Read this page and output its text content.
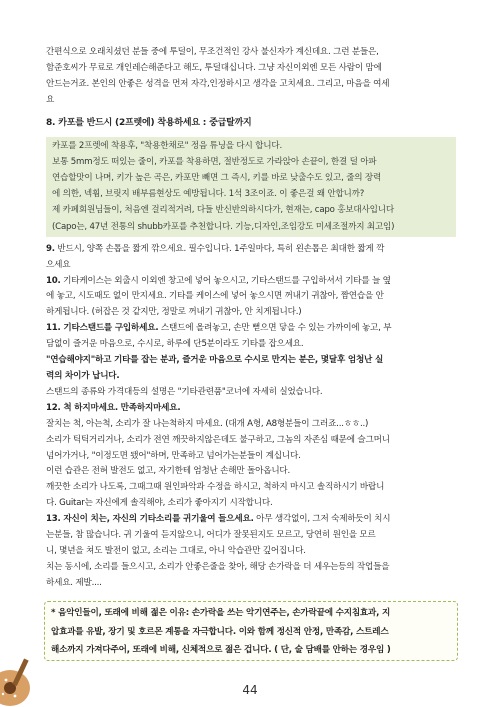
간편식으로 오래치셨던 분들 중에 투덜이, 무조건적인 강사 불신자가 계신데요. 그런 분들은,

함준호씨가 무료로 개인레슨해준다고 해도, 투덜대십니다. 그냥 자신이외엔 모든 사람이 맘에

안드는거죠. 본인의 안좋은 성격을 먼저 자각,인정하시고 생각을 고치세요. 그리고, 마음을 여세

요

8. 카포를 반드시 (2프렛에) 착용하세요 : 중급탈까지

카포를 2프렛에 착용후, "착용한채로" 정음 튜닝을 다시 합니다.

보통 5mm정도 떠있는 줄이, 카포를 착용하면, 절반정도로 가라앉아 손끝이, 한결 덜 아파

연습할맛이 나며, 키가 높은 곡은, 카포만 빼면 그 즉시, 키를 바로 낮출수도 있고, 줄의 장력

에 의한, 넥휨, 브릿지 배부름현상도 예방됩니다. 1석 3조이죠. 이 좋은걸 왜 안합니까?

제 카페회원님들이, 처음엔 걸리적거려, 다들 반신반의하시다가, 현재는, capo 홍보대사입니다

(Capo는, 47년 전통의 shubb카포를 추천합니다. 기능,디자인,조임강도 미세조절까지 최고임)

9. 반드시, 양쪽 손톱을 짧게 깎으세요. 필수입니다. 1주일마다, 특히 왼손톱은 최대한 짧게 깍

으세요

10. 기타케이스는 외출시 이외엔 창고에 넣어 놓으시고, 기타스탠드를 구입하셔서 기타를 늘 옆

에 놓고, 시도때도 없이 만지세요. 기타를 케이스에 넣어 놓으시면 꺼내기 귀찮아, 짬연습을 안

하게됩니다. (허잡은 것 같지만, 정말로 꺼내기 귀찮아, 안 치게됩니다.)

11. 기타스탠드를 구입하세요. 스탠드에 올려놓고, 손만 뻗으면 닿을 수 있는 가까이에 놓고, 부

담없이 즐거운 마음으로, 수시로, 하루에 단5분이라도 기타를 잡으세요.

"연습해야지"하고 기타를 잡는 분과, 즐거운 마음으로 수시로 만지는 분은, 몇달후 엄청난 실

력의 차이가 납니다.

스탠드의 종류와 가격대등의 설명은 "기타관련품"코너에 자세히 실었습니다.

12. 척 하지마세요. 만족하지마세요.

잘치는 척, 아는척, 소리가 잘 나는척하지 마세요. (대개 A형, A8형분들이 그러죠...ㅎㅎ..)

소리가 틱틱거리거나, 소리가 전연 깨끗하지않은데도 불구하고, 그놈의 자존심 때문에 슬그머니

넘어가거나, "이정도면 됐어"하며, 만족하고 넘어가는분들이 계십니다.

이런 습관은 전혀 발전도 없고, 자기한테 엄청난 손해만 돌아옵니다.

깨끗한 소리가 나도록, 그때그때 원인파악과 수정을 하시고, 척하지 마시고 솔직하시기 바랍니

다. Guitar는 자신에게 솔직해야, 소리가 좋아지기 시작합니다.

13. 자신이 치는, 자신의 기타소리를 귀기울여 들으세요. 아무 생각없이, 그저 숙제하듯이 치시

는분들, 참 많습니다. 귀 기울여 듣지않으니, 어디가 잘못된지도 모르고, 당연히 원인을 모르

니, 몇년을 쳐도 발전이 없고, 소리는 그대로, 아니 악습관만 깊어집니다.

치는 동시에, 소리를 들으시고, 소리가 안좋은줄을 찾아, 해당 손가락을 더 세우는등의 작업들을

하세요. 제발....

* 음악인들이, 또래에 비해 젊은 이유: 손가락을 쓰는 악기연주는, 손가락끝에 수지침효과, 지
압효과를 유발, 장기 및 호르몬 계통을 자극합니다. 이와 함께 정신적 안정, 만족감, 스트레스
해소까지 가져다주어, 또래에 비해, 신체적으로 젊은 겁니다. ( 단, 술 담배를 안하는 경우임 )
44
